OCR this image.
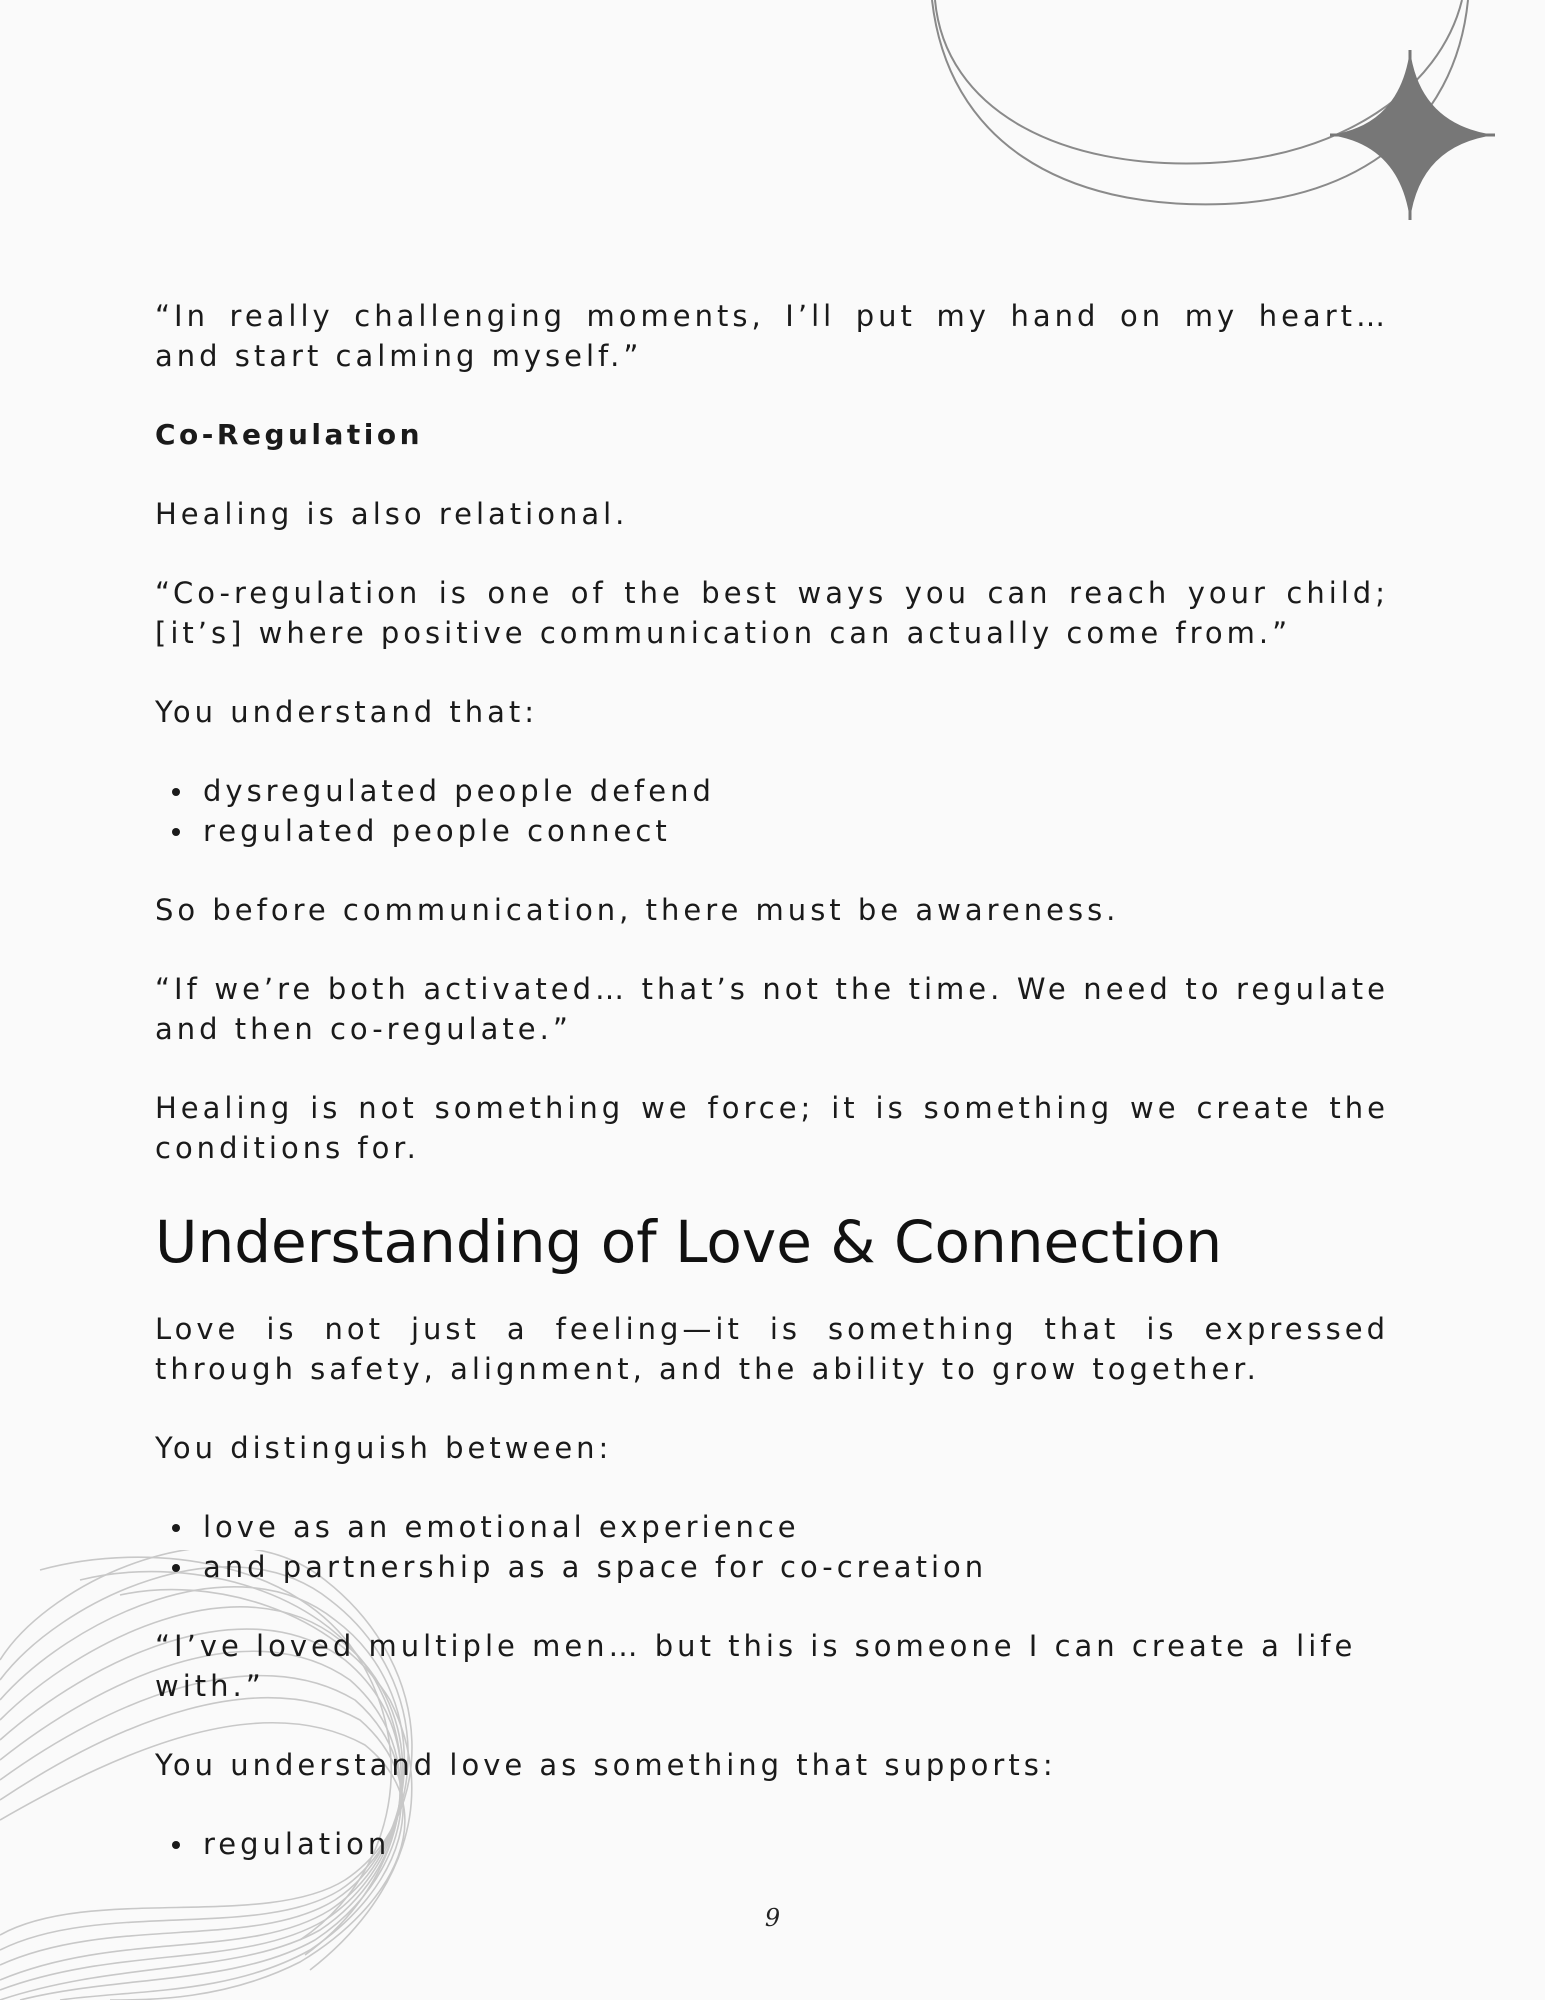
“In really challenging moments, I’ll put my hand on my heart… and start calming myself.”

Co-Regulation

Healing is also relational.

“Co-regulation is one of the best ways you can reach your child; [it’s] where positive communication can actually come from.”

You understand that:

dysregulated people defend
regulated people connect

So before communication, there must be awareness.

“If we’re both activated… that’s not the time. We need to regulate and then co-regulate.”

Healing is not something we force; it is something we create the conditions for.

Understanding of Love & Connection

Love is not just a feeling—it is something that is expressed through safety, alignment, and the ability to grow together.

You distinguish between:

love as an emotional experience
and partnership as a space for co-creation

“I’ve loved multiple men… but this is someone I can create a life with.”

You understand love as something that supports:

regulation
9
